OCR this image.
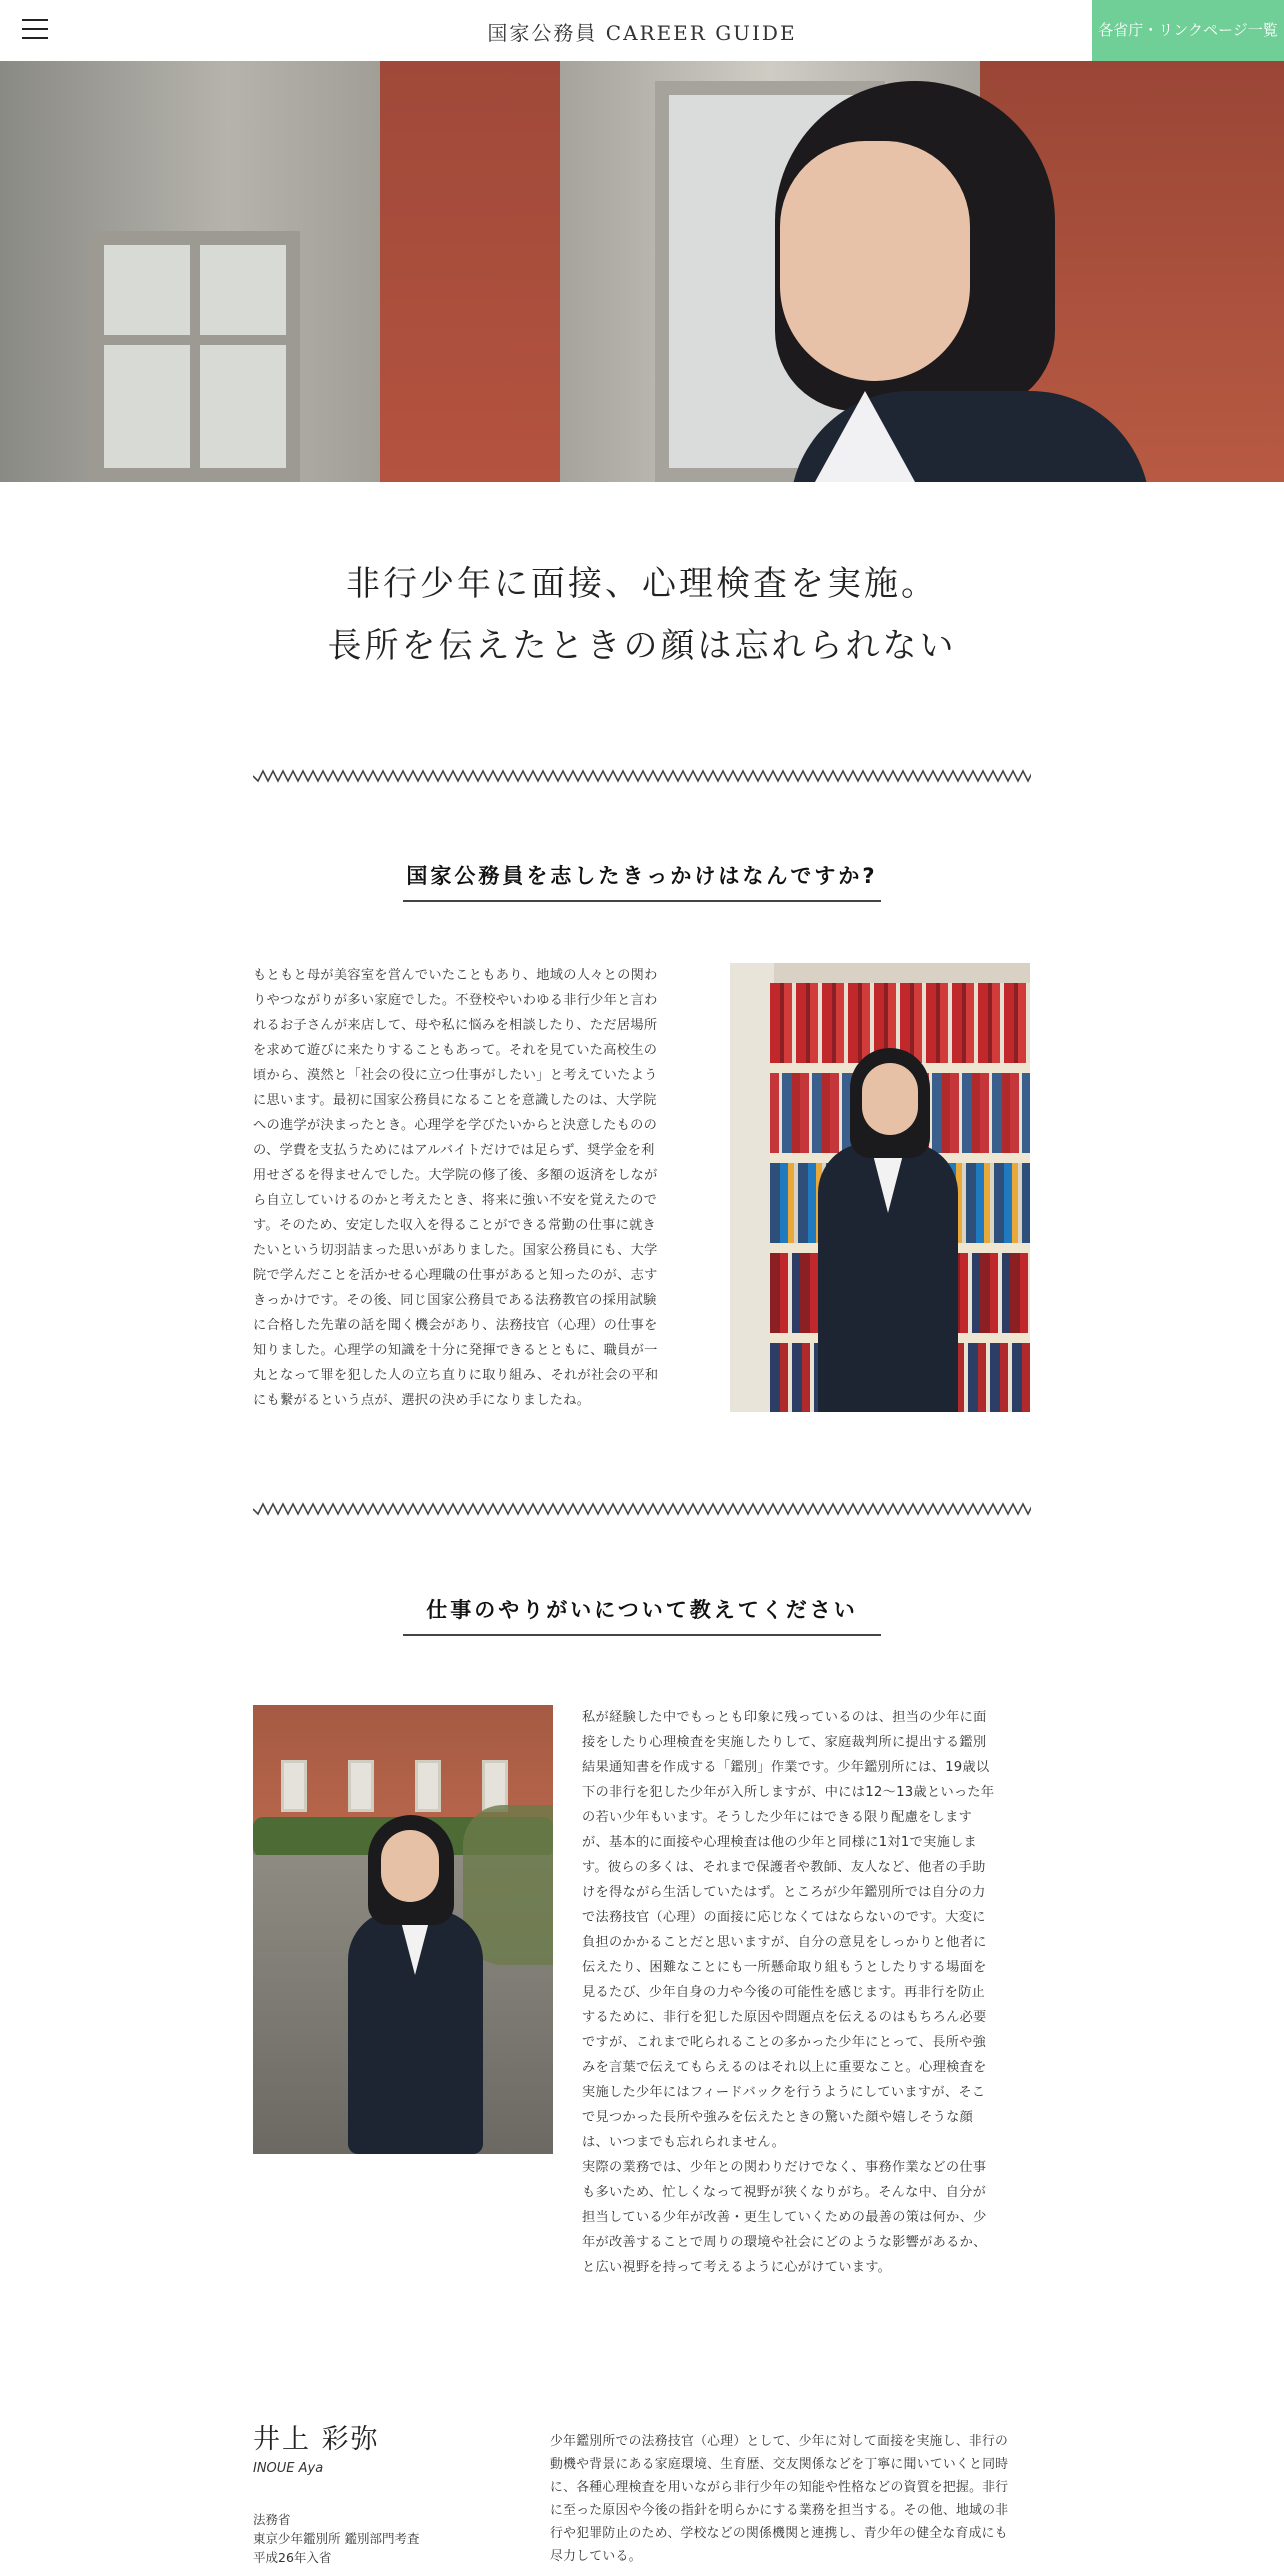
国家公務員 CAREER GUIDE	各省庁・リンクページ一覧
非行少年に面接、心理検査を実施。
長所を伝えたときの顔は忘れられない
国家公務員を志したきっかけはなんですか?
もともと母が美容室を営んでいたこともあり、地域の人々との関わ
りやつながりが多い家庭でした。不登校やいわゆる非行少年と言わ
れるお子さんが来店して、母や私に悩みを相談したり、ただ居場所
を求めて遊びに来たりすることもあって。それを見ていた高校生の
頃から、漠然と「社会の役に立つ仕事がしたい」と考えていたよう
に思います。最初に国家公務員になることを意識したのは、大学院
への進学が決まったとき。心理学を学びたいからと決意したものの
の、学費を支払うためにはアルバイトだけでは足らず、奨学金を利
用せざるを得ませんでした。大学院の修了後、多額の返済をしなが
ら自立していけるのかと考えたとき、将来に強い不安を覚えたので
す。そのため、安定した収入を得ることができる常勤の仕事に就き
たいという切羽詰まった思いがありました。国家公務員にも、大学
院で学んだことを活かせる心理職の仕事があると知ったのが、志す
きっかけです。その後、同じ国家公務員である法務教官の採用試験
に合格した先輩の話を聞く機会があり、法務技官（心理）の仕事を
知りました。心理学の知識を十分に発揮できるとともに、職員が一
丸となって罪を犯した人の立ち直りに取り組み、それが社会の平和
にも繋がるという点が、選択の決め手になりましたね。
仕事のやりがいについて教えてください
私が経験した中でもっとも印象に残っているのは、担当の少年に面
接をしたり心理検査を実施したりして、家庭裁判所に提出する鑑別
結果通知書を作成する「鑑別」作業です。少年鑑別所には、19歳以
下の非行を犯した少年が入所しますが、中には12～13歳といった年
の若い少年もいます。そうした少年にはできる限り配慮をします
が、基本的に面接や心理検査は他の少年と同様に1対1で実施しま
す。彼らの多くは、それまで保護者や教師、友人など、他者の手助
けを得ながら生活していたはず。ところが少年鑑別所では自分の力
で法務技官（心理）の面接に応じなくてはならないのです。大変に
負担のかかることだと思いますが、自分の意見をしっかりと他者に
伝えたり、困難なことにも一所懸命取り組もうとしたりする場面を
見るたび、少年自身の力や今後の可能性を感じます。再非行を防止
するために、非行を犯した原因や問題点を伝えるのはもちろん必要
ですが、これまで叱られることの多かった少年にとって、長所や強
みを言葉で伝えてもらえるのはそれ以上に重要なこと。心理検査を
実施した少年にはフィードバックを行うようにしていますが、そこ
で見つかった長所や強みを伝えたときの驚いた顔や嬉しそうな顔
は、いつまでも忘れられません。
実際の業務では、少年との関わりだけでなく、事務作業などの仕事
も多いため、忙しくなって視野が狭くなりがち。そんな中、自分が
担当している少年が改善・更生していくための最善の策は何か、少
年が改善することで周りの環境や社会にどのような影響があるか、
と広い視野を持って考えるように心がけています。
井上 彩弥
INOUE Aya
法務省
東京少年鑑別所 鑑別部門考査
平成26年入省
少年鑑別所での法務技官（心理）として、少年に対して面接を実施し、非行の
動機や背景にある家庭環境、生育歴、交友関係などを丁寧に聞いていくと同時
に、各種心理検査を用いながら非行少年の知能や性格などの資質を把握。非行
に至った原因や今後の指針を明らかにする業務を担当する。その他、地域の非
行や犯罪防止のため、学校などの関係機関と連携し、青少年の健全な育成にも
尽力している。
